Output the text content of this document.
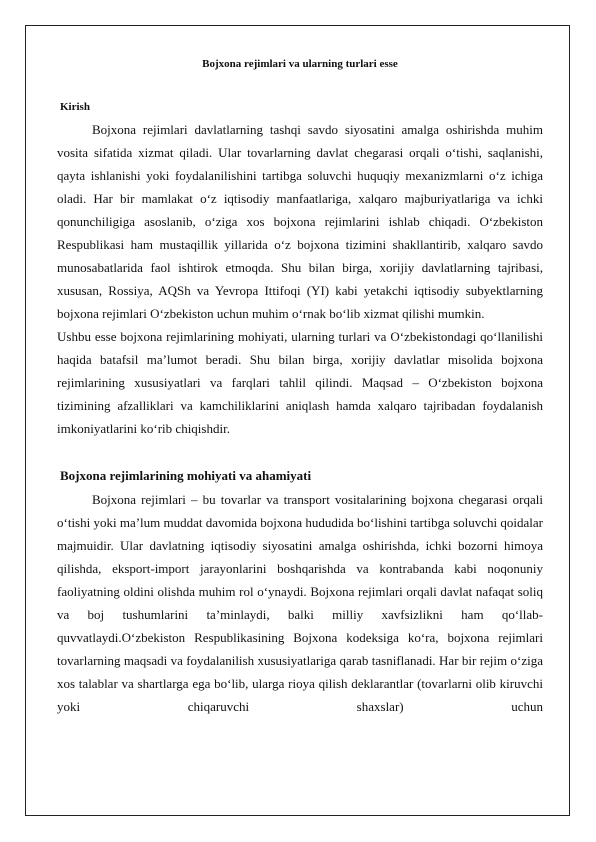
Bojxona rejimlari va ularning turlari esse
Kirish

Bojxona rejimlari davlatlarning tashqi savdo siyosatini amalga oshirishda muhim vosita sifatida xizmat qiladi. Ular tovarlarning davlat chegarasi orqali o‘tishi, saqlanishi, qayta ishlanishi yoki foydalanilishini tartibga soluvchi huquqiy mexanizmlarni o‘z ichiga oladi. Har bir mamlakat o‘z iqtisodiy manfaatlariga, xalqaro majburiyatlariga va ichki qonunchiligiga asoslanib, o‘ziga xos bojxona rejimlarini ishlab chiqadi. O‘zbekiston Respublikasi ham mustaqillik yillarida o‘z bojxona tizimini shakllantirib, xalqaro savdo munosabatlarida faol ishtirok etmoqda. Shu bilan birga, xorijiy davlatlarning tajribasi, xususan, Rossiya, AQSh va Yevropa Ittifoqi (YI) kabi yetakchi iqtisodiy subyektlarning bojxona rejimlari O‘zbekiston uchun muhim o‘rnak bo‘lib xizmat qilishi mumkin.

Ushbu esse bojxona rejimlarining mohiyati, ularning turlari va O‘zbekistondagi qo‘llanilishi haqida batafsil ma’lumot beradi. Shu bilan birga, xorijiy davlatlar misolida bojxona rejimlarining xususiyatlari va farqlari tahlil qilindi. Maqsad – O‘zbekiston bojxona tizimining afzalliklari va kamchiliklarini aniqlash hamda xalqaro tajribadan foydalanish imkoniyatlarini ko‘rib chiqishdir.

Bojxona rejimlarining mohiyati va ahamiyati

Bojxona rejimlari – bu tovarlar va transport vositalarining bojxona chegarasi orqali o‘tishi yoki ma’lum muddat davomida bojxona hududida bo‘lishini tartibga soluvchi qoidalar majmuidir. Ular davlatning iqtisodiy siyosatini amalga oshirishda, ichki bozorni himoya qilishda, eksport-import jarayonlarini boshqarishda va kontrabanda kabi noqonuniy faoliyatning oldini olishda muhim rol o‘ynaydi. Bojxona rejimlari orqali davlat nafaqat soliq va boj tushumlarini ta’minlaydi, balki milliy xavfsizlikni ham qo‘llab-quvvatlaydi.O‘zbekiston Respublikasining Bojxona kodeksiga ko‘ra, bojxona rejimlari tovarlarning maqsadi va foydalanilish xususiyatlariga qarab tasniflanadi. Har bir rejim o‘ziga xos talablar va shartlarga ega bo‘lib, ularga rioya qilish deklarantlar (tovarlarni olib kiruvchi yoki chiqaruvchi shaxslar) uchun
